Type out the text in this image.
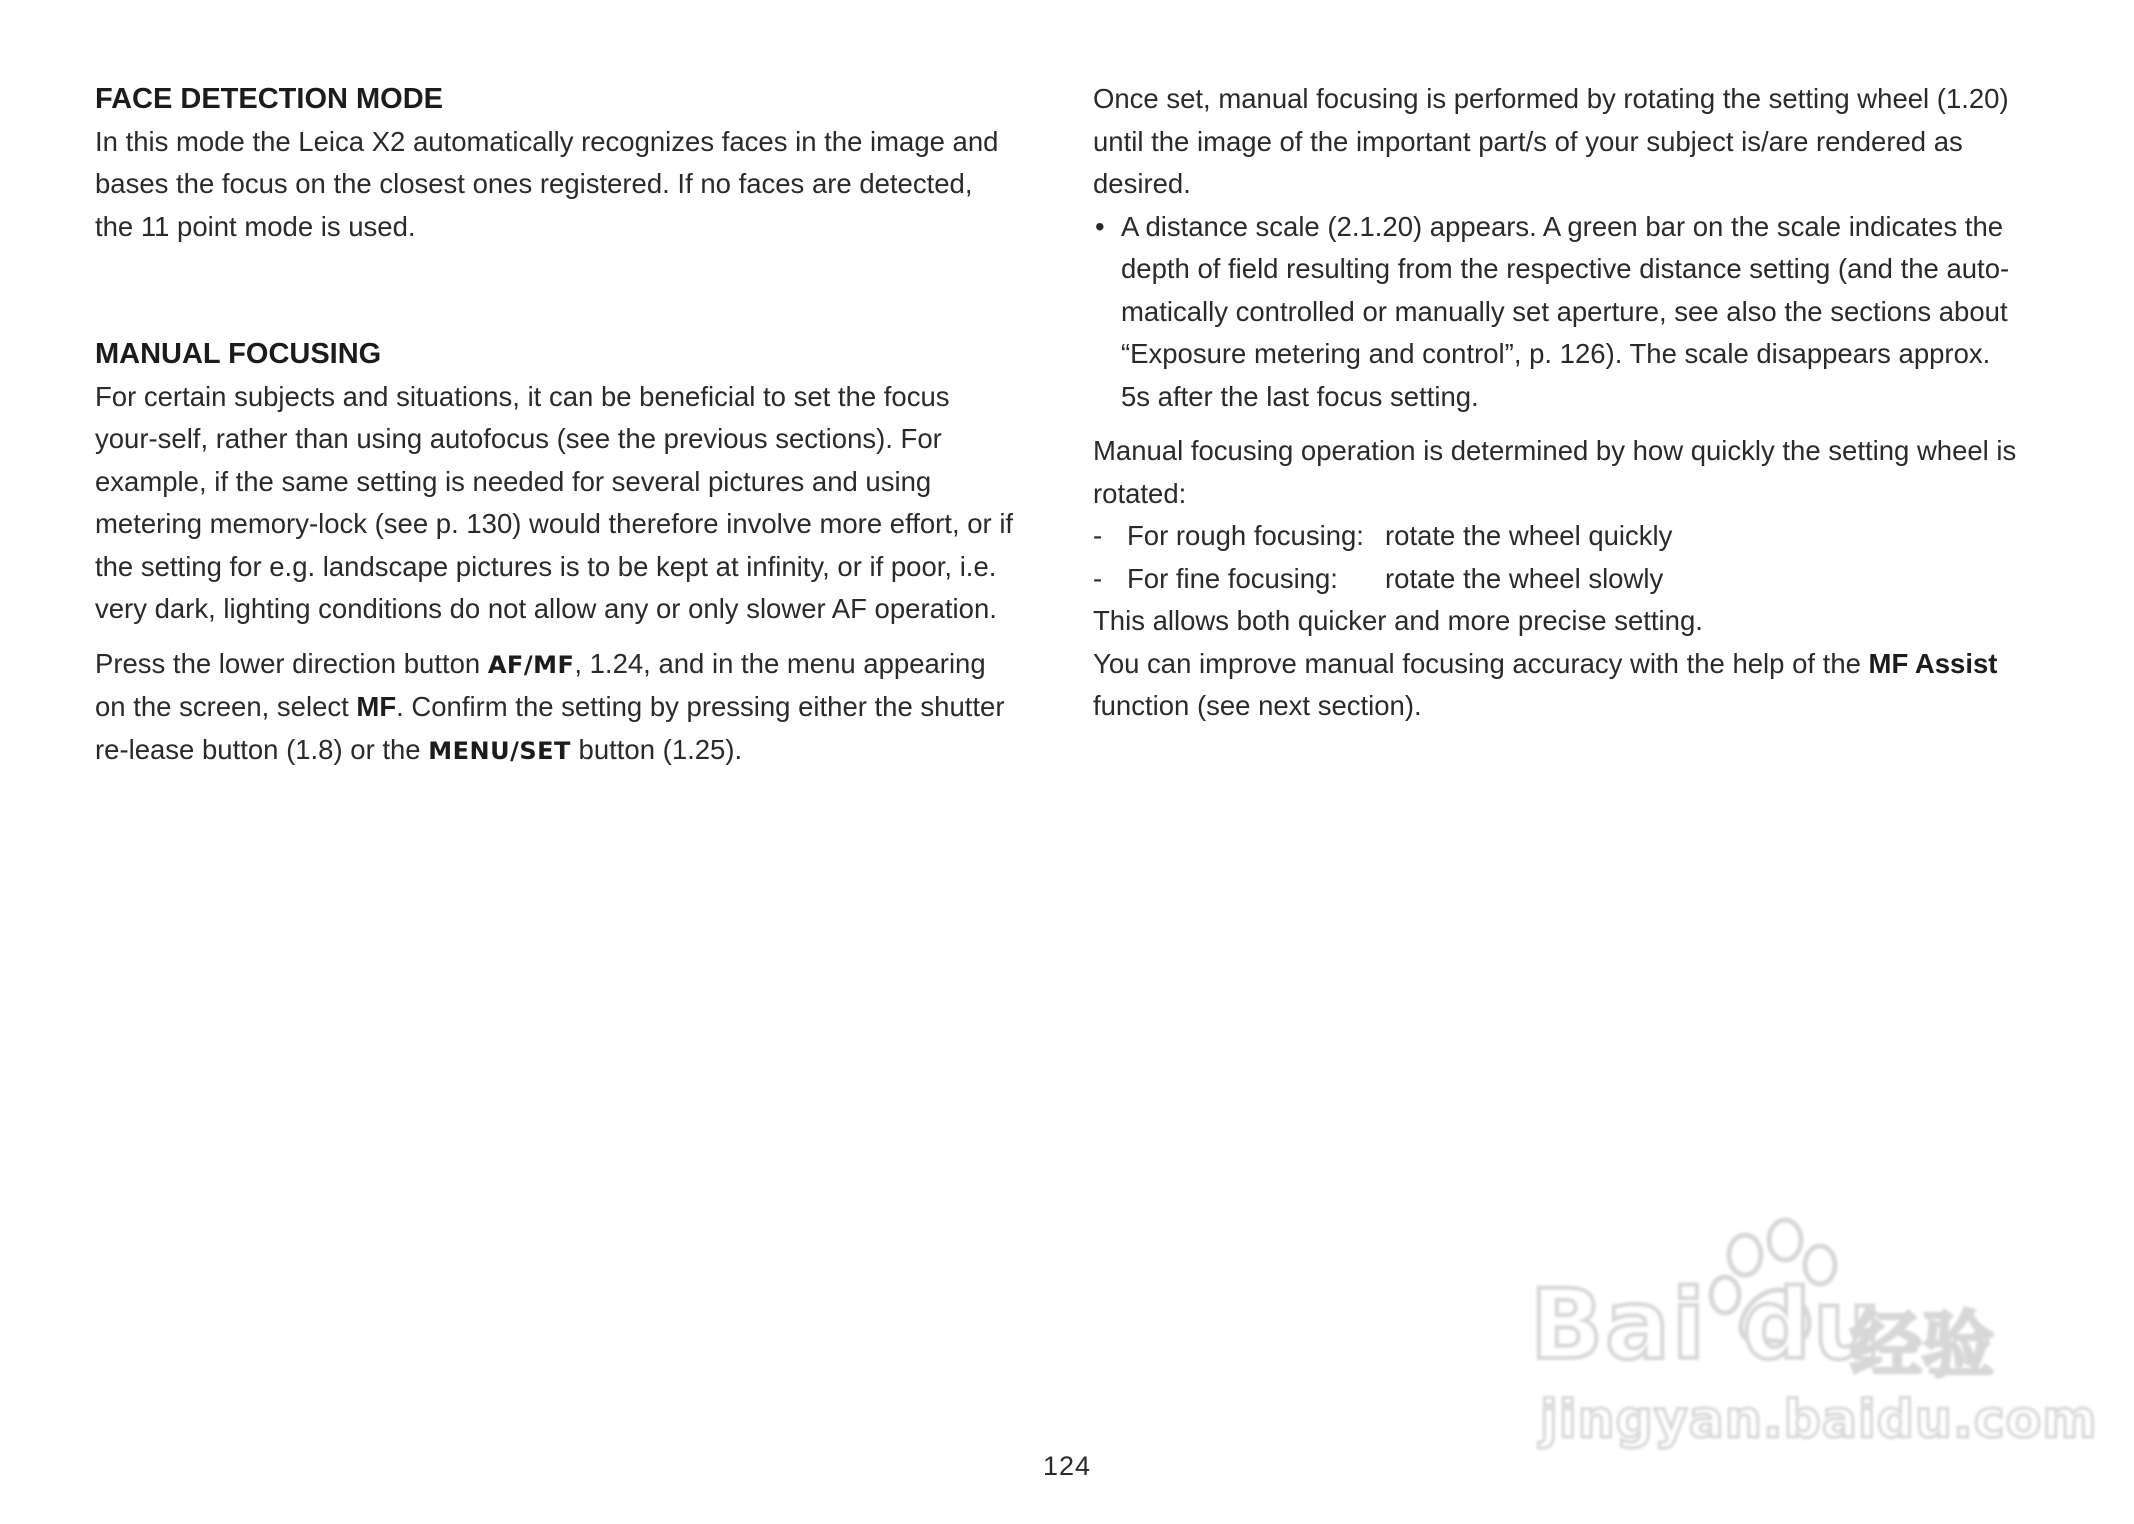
FACE DETECTION MODE

In this mode the Leica X2 automatically recognizes faces in the image and bases the focus on the closest ones registered. If no faces are detected, the 11 point mode is used.

MANUAL FOCUSING

For certain subjects and situations, it can be beneficial to set the focus your-self, rather than using autofocus (see the previous sections). For example, if the same setting is needed for several pictures and using metering memory-lock (see p. 130) would therefore involve more effort, or if the setting for e.g. landscape pictures is to be kept at infinity, or if poor, i.e. very dark, lighting conditions do not allow any or only slower AF operation.

Press the lower direction button AF/MF, 1.24, and in the menu appearing on the screen, select MF. Confirm the setting by pressing either the shutter re-lease button (1.8) or the MENU/SET button (1.25).

Once set, manual focusing is performed by rotating the setting wheel (1.20) until the image of the important part/s of your subject is/are rendered as desired.

• A distance scale (2.1.20) appears. A green bar on the scale indicates the depth of field resulting from the respective distance setting (and the auto-matically controlled or manually set aperture, see also the sections about “Exposure metering and control”, p. 126). The scale disappears approx. 5s after the last focus setting.

Manual focusing operation is determined by how quickly the setting wheel is rotated:

- For rough focusing: rotate the wheel quickly
- For fine focusing:	rotate the wheel slowly

This allows both quicker and more precise setting.

You can improve manual focusing accuracy with the help of the MF Assist function (see next section).

124
Bai du
经验
jingyan.baidu.com
